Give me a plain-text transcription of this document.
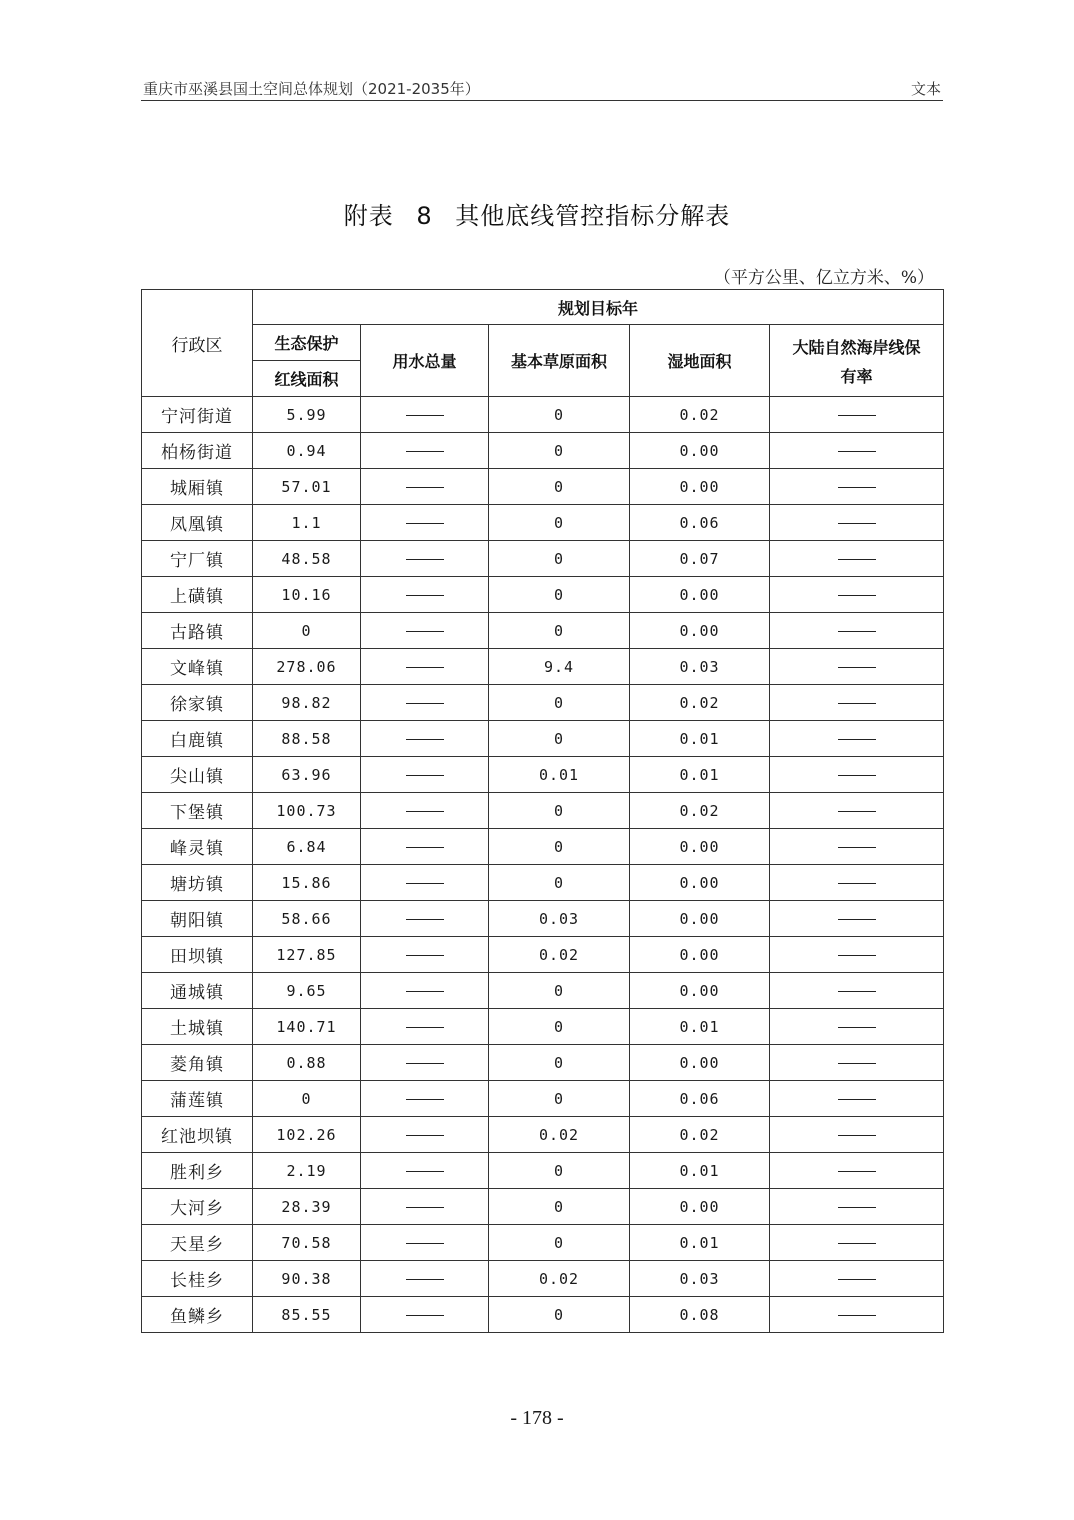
重庆市巫溪县国土空间总体规划（2021-2035年）	文本
附表 8 其他底线管控指标分解表
（平方公里、亿立方米、%）
行政区	规划目标年				
	生态保护	用水总量	基本草原面积	湿地面积	大陆自然海岸线保
有率

	红线面积				
宁河街道	5.99		0	0.02	
柏杨街道	0.94		0	0.00	
城厢镇	57.01		0	0.00	
凤凰镇	1.1		0	0.06	
宁厂镇	48.58		0	0.07	
上磺镇	10.16		0	0.00	
古路镇	0		0	0.00	
文峰镇	278.06		9.4	0.03	
徐家镇	98.82		0	0.02	
白鹿镇	88.58		0	0.01	
尖山镇	63.96		0.01	0.01	
下堡镇	100.73		0	0.02	
峰灵镇	6.84		0	0.00	
塘坊镇	15.86		0	0.00	
朝阳镇	58.66		0.03	0.00	
田坝镇	127.85		0.02	0.00	
通城镇	9.65		0	0.00	
土城镇	140.71		0	0.01	
菱角镇	0.88		0	0.00	
蒲莲镇	0		0	0.06	
红池坝镇	102.26		0.02	0.02	
胜利乡	2.19		0	0.01	
大河乡	28.39		0	0.00	
天星乡	70.58		0	0.01	
长桂乡	90.38		0.02	0.03	
鱼鳞乡	85.55		0	0.08	
- 178 -
